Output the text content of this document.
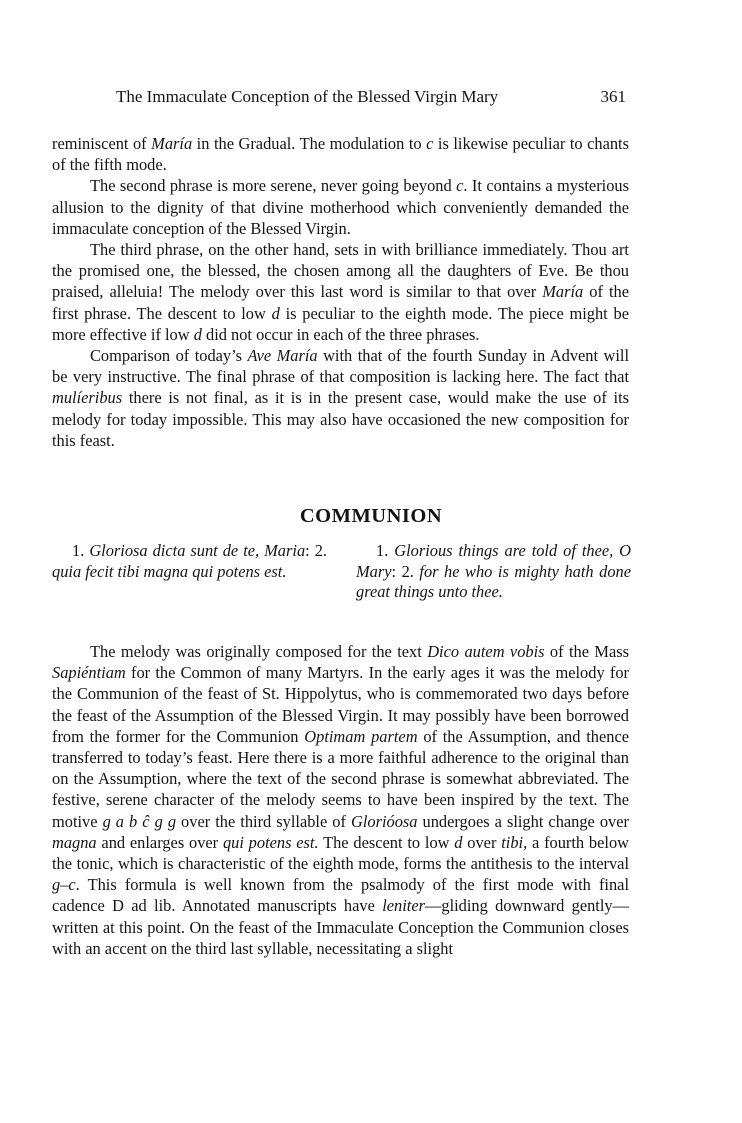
The Immaculate Conception of the Blessed Virgin Mary	361

reminiscent of María in the Gradual. The modulation to c is likewise peculiar to chants of the fifth mode.

The second phrase is more serene, never going beyond c. It contains a mysterious allusion to the dignity of that divine motherhood which conveniently demanded the immaculate conception of the Blessed Virgin.

The third phrase, on the other hand, sets in with brilliance immediately. Thou art the promised one, the blessed, the chosen among all the daughters of Eve. Be thou praised, alleluia! The melody over this last word is similar to that over María of the first phrase. The descent to low d is peculiar to the eighth mode. The piece might be more effective if low d did not occur in each of the three phrases.

Comparison of today’s Ave María with that of the fourth Sunday in Advent will be very instructive. The final phrase of that composition is lacking here. The fact that mulíeribus there is not final, as it is in the present case, would make the use of its melody for today impossible. This may also have occasioned the new composition for this feast.

COMMUNION
1. Gloriosa dicta sunt de te, Maria: 2. quia fecit tibi magna qui potens est.
1. Glorious things are told of thee, O Mary: 2. for he who is mighty hath done great things unto thee.

The melody was originally composed for the text Dico autem vobis of the Mass Sapiéntiam for the Common of many Martyrs. In the early ages it was the melody for the Communion of the feast of St. Hippolytus, who is commemorated two days before the feast of the Assumption of the Blessed Virgin. It may possibly have been borrowed from the former for the Communion Optimam partem of the Assumption, and thence transferred to today’s feast. Here there is a more faithful adherence to the original than on the Assumption, where the text of the second phrase is somewhat abbreviated. The festive, serene character of the melody seems to have been inspired by the text. The motive g a b ĉ g g over the third syllable of Glorióosa undergoes a slight change over magna and enlarges over qui potens est. The descent to low d over tibi, a fourth below the tonic, which is characteristic of the eighth mode, forms the antithesis to the interval g–c. This formula is well known from the psalmody of the first mode with final cadence D ad lib. Annotated manuscripts have leniter—gliding downward gently—written at this point. On the feast of the Immaculate Conception the Communion closes with an accent on the third last syllable, necessitating a slight
